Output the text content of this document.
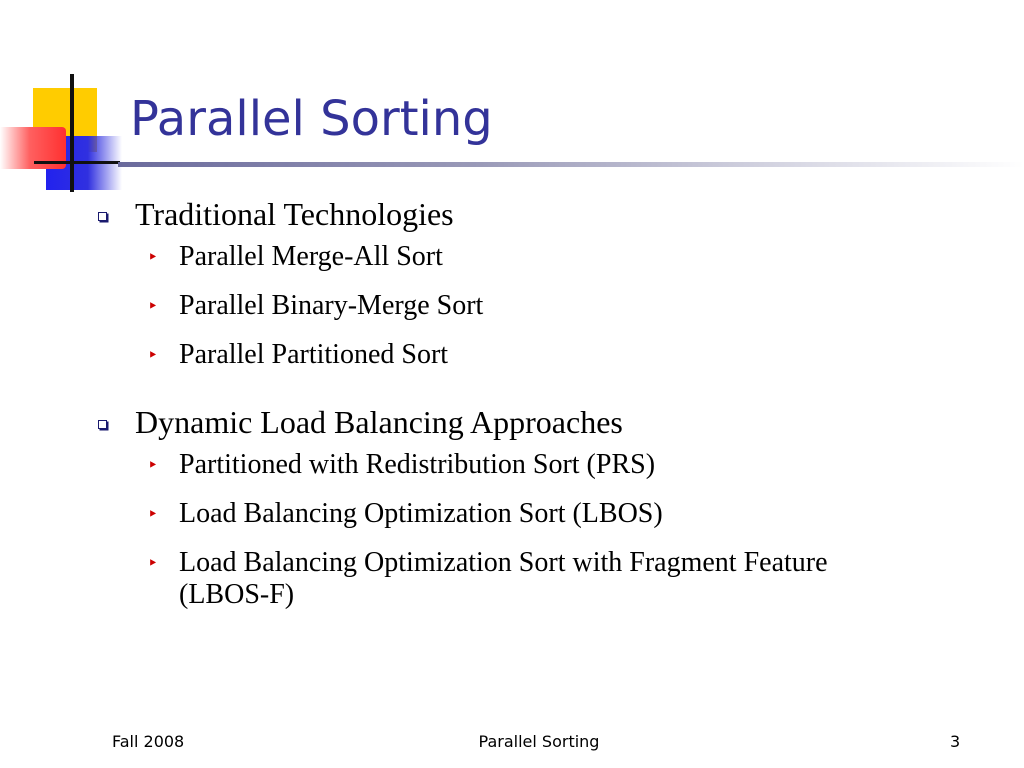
Parallel Sorting
Traditional Technologies
‣ Parallel Merge-All Sort
‣ Parallel Binary-Merge Sort
‣ Parallel Partitioned Sort
Dynamic Load Balancing Approaches
‣ Partitioned with Redistribution Sort (PRS)
‣ Load Balancing Optimization Sort (LBOS)
‣ Load Balancing Optimization Sort with Fragment Feature (LBOS-F)
Fall 2008	Parallel Sorting	3
